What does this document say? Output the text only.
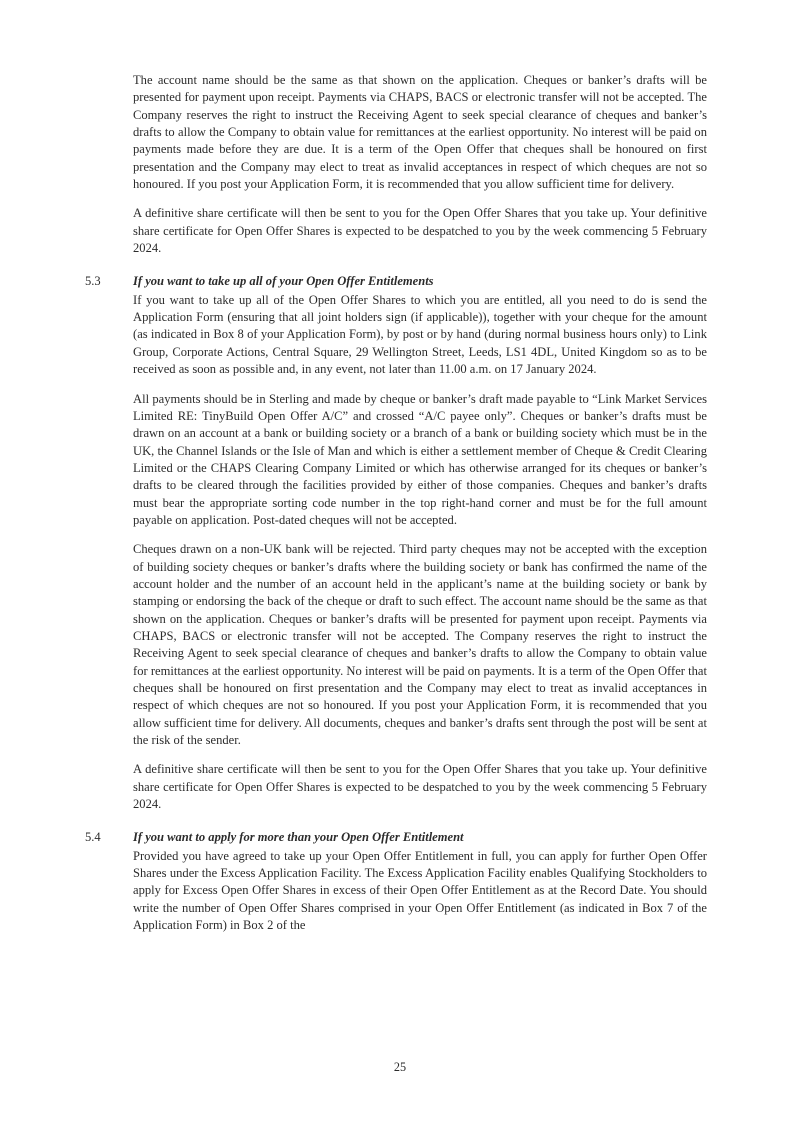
The account name should be the same as that shown on the application. Cheques or banker’s drafts will be presented for payment upon receipt. Payments via CHAPS, BACS or electronic transfer will not be accepted. The Company reserves the right to instruct the Receiving Agent to seek special clearance of cheques and banker’s drafts to allow the Company to obtain value for remittances at the earliest opportunity. No interest will be paid on payments made before they are due. It is a term of the Open Offer that cheques shall be honoured on first presentation and the Company may elect to treat as invalid acceptances in respect of which cheques are not so honoured. If you post your Application Form, it is recommended that you allow sufficient time for delivery.

A definitive share certificate will then be sent to you for the Open Offer Shares that you take up. Your definitive share certificate for Open Offer Shares is expected to be despatched to you by the week commencing 5 February 2024.

5.3	If you want to take up all of your Open Offer Entitlements

If you want to take up all of the Open Offer Shares to which you are entitled, all you need to do is send the Application Form (ensuring that all joint holders sign (if applicable)), together with your cheque for the amount (as indicated in Box 8 of your Application Form), by post or by hand (during normal business hours only) to Link Group, Corporate Actions, Central Square, 29 Wellington Street, Leeds, LS1 4DL, United Kingdom so as to be received as soon as possible and, in any event, not later than 11.00 a.m. on 17 January 2024.

All payments should be in Sterling and made by cheque or banker’s draft made payable to “Link Market Services Limited RE: TinyBuild Open Offer A/C” and crossed “A/C payee only”. Cheques or banker’s drafts must be drawn on an account at a bank or building society or a branch of a bank or building society which must be in the UK, the Channel Islands or the Isle of Man and which is either a settlement member of Cheque & Credit Clearing Limited or the CHAPS Clearing Company Limited or which has otherwise arranged for its cheques or banker’s drafts to be cleared through the facilities provided by either of those companies. Cheques and banker’s drafts must bear the appropriate sorting code number in the top right-hand corner and must be for the full amount payable on application. Post-dated cheques will not be accepted.

Cheques drawn on a non-UK bank will be rejected. Third party cheques may not be accepted with the exception of building society cheques or banker’s drafts where the building society or bank has confirmed the name of the account holder and the number of an account held in the applicant’s name at the building society or bank by stamping or endorsing the back of the cheque or draft to such effect. The account name should be the same as that shown on the application. Cheques or banker’s drafts will be presented for payment upon receipt. Payments via CHAPS, BACS or electronic transfer will not be accepted. The Company reserves the right to instruct the Receiving Agent to seek special clearance of cheques and banker’s drafts to allow the Company to obtain value for remittances at the earliest opportunity. No interest will be paid on payments. It is a term of the Open Offer that cheques shall be honoured on first presentation and the Company may elect to treat as invalid acceptances in respect of which cheques are not so honoured. If you post your Application Form, it is recommended that you allow sufficient time for delivery. All documents, cheques and banker’s drafts sent through the post will be sent at the risk of the sender.

A definitive share certificate will then be sent to you for the Open Offer Shares that you take up. Your definitive share certificate for Open Offer Shares is expected to be despatched to you by the week commencing 5 February 2024.

5.4	If you want to apply for more than your Open Offer Entitlement

Provided you have agreed to take up your Open Offer Entitlement in full, you can apply for further Open Offer Shares under the Excess Application Facility. The Excess Application Facility enables Qualifying Stockholders to apply for Excess Open Offer Shares in excess of their Open Offer Entitlement as at the Record Date. You should write the number of Open Offer Shares comprised in your Open Offer Entitlement (as indicated in Box 7 of the Application Form) in Box 2 of the

25
